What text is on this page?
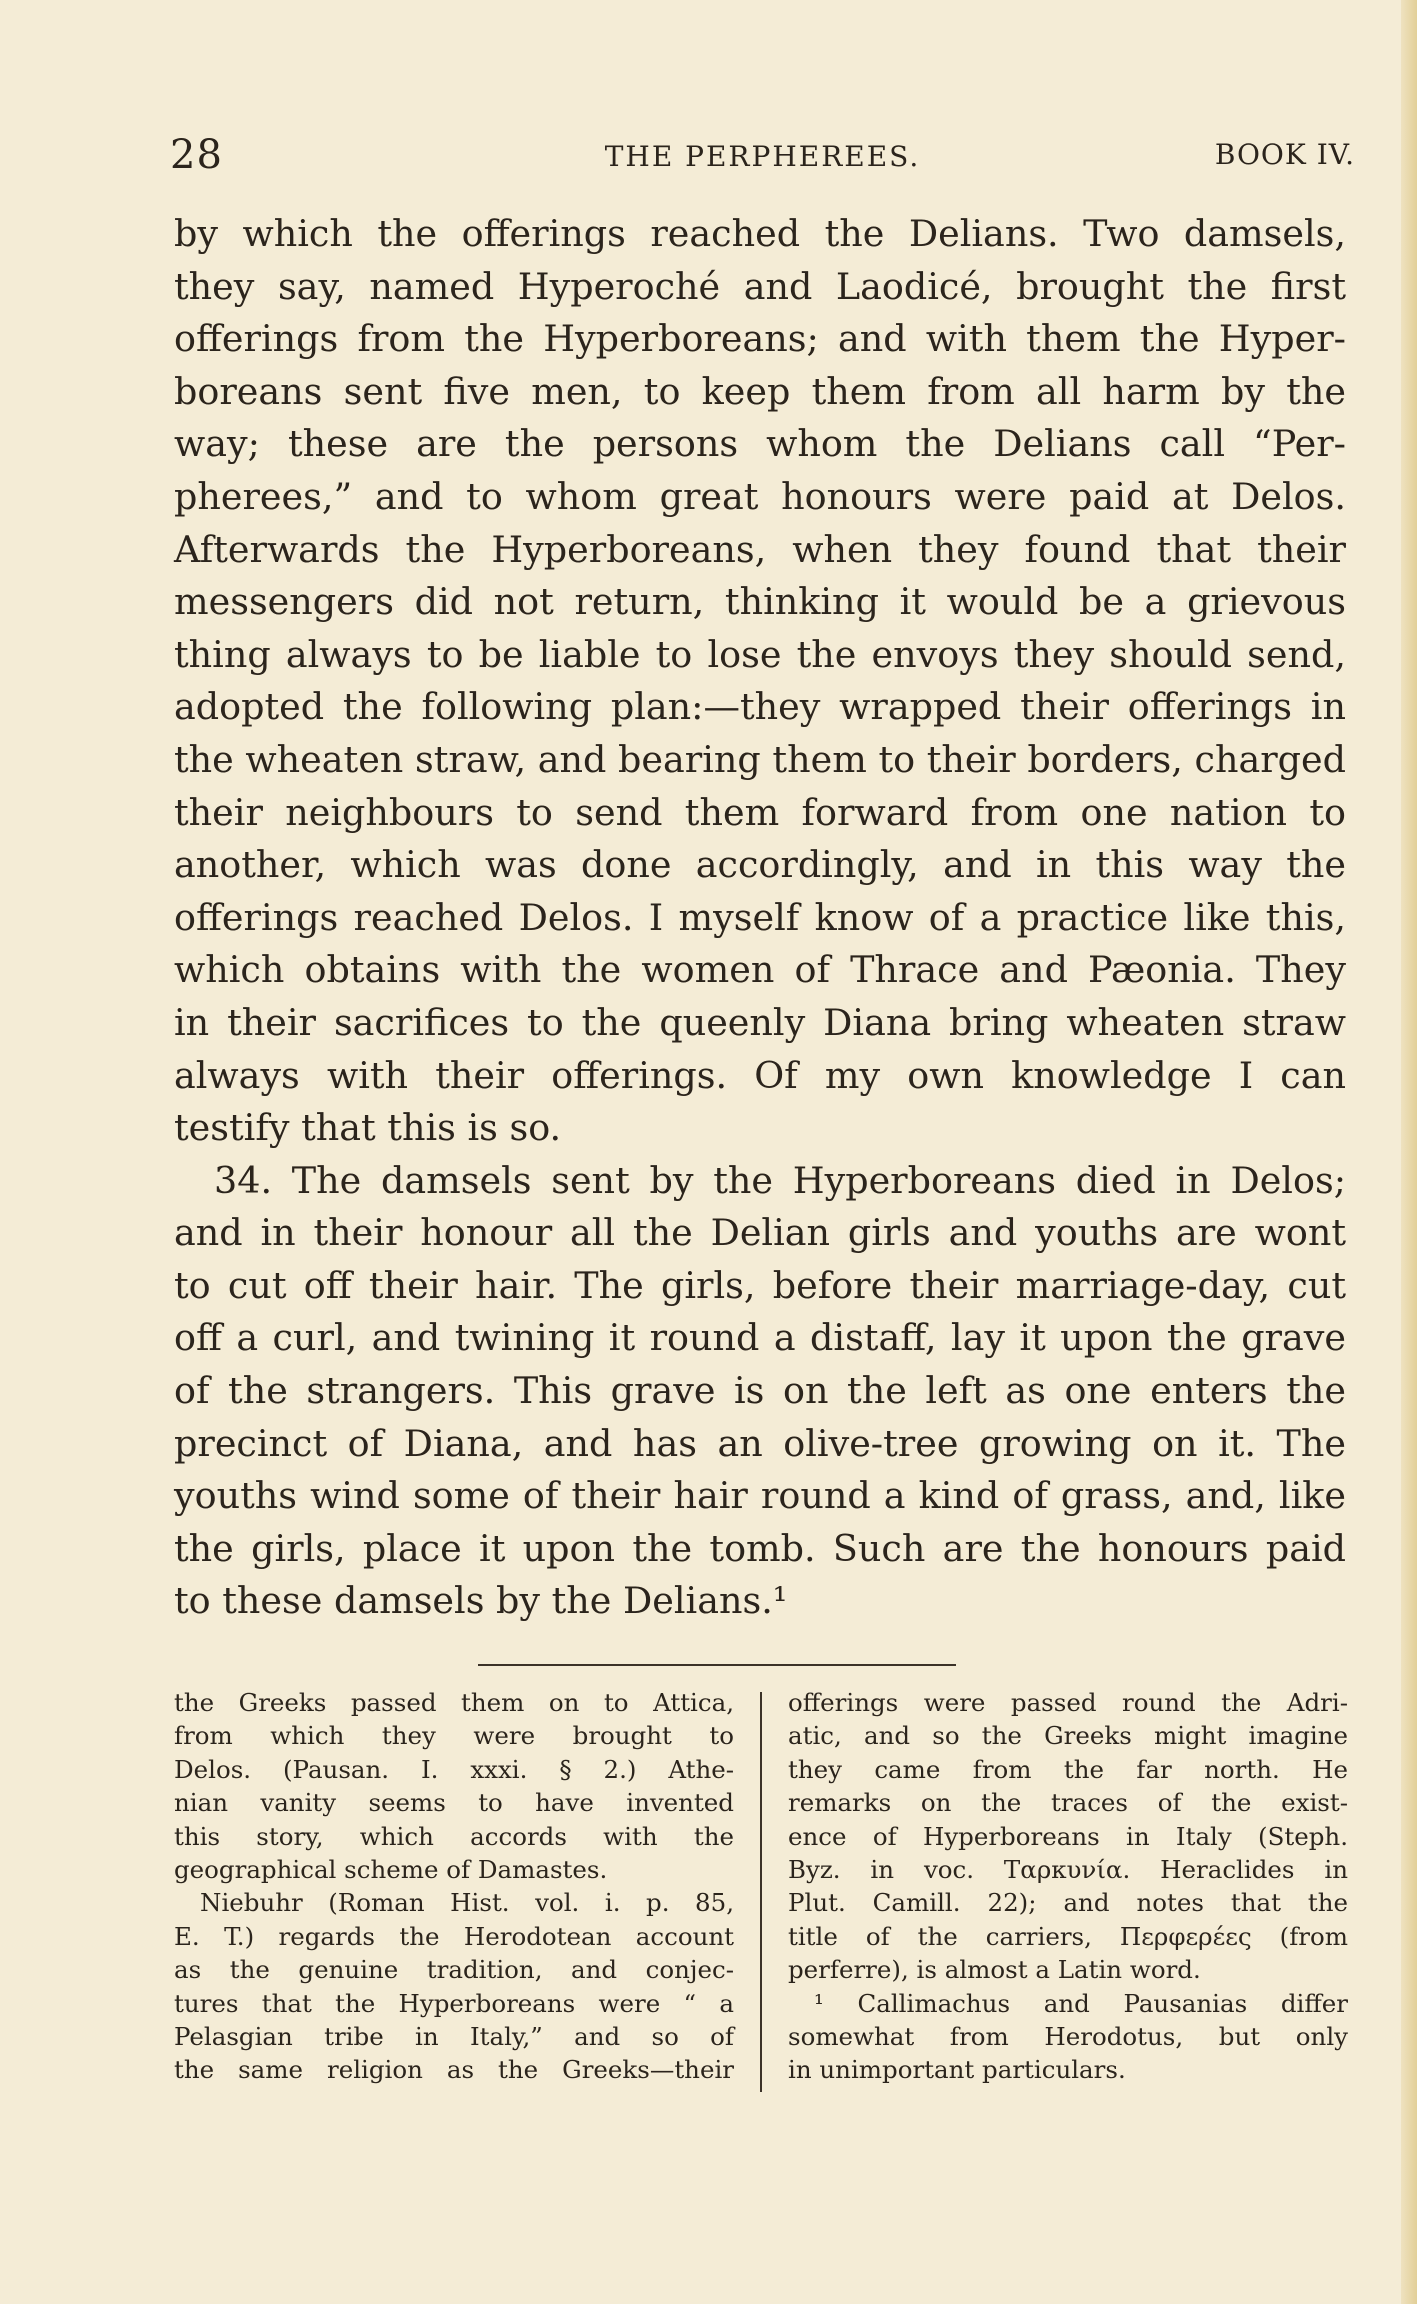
28	THE PERPHEREES.	BOOK IV.
by which the offerings reached the Delians. Two damsels,
they say, named Hyperoché and Laodicé, brought the first
offerings from the Hyperboreans; and with them the Hyper-
boreans sent five men, to keep them from all harm by the
way; these are the persons whom the Delians call “Per-
pherees,” and to whom great honours were paid at Delos.
Afterwards the Hyperboreans, when they found that their
messengers did not return, thinking it would be a grievous
thing always to be liable to lose the envoys they should send,
adopted the following plan:—they wrapped their offerings in
the wheaten straw, and bearing them to their borders, charged
their neighbours to send them forward from one nation to
another, which was done accordingly, and in this way the
offerings reached Delos. I myself know of a practice like this,
which obtains with the women of Thrace and Pæonia. They
in their sacrifices to the queenly Diana bring wheaten straw
always with their offerings. Of my own knowledge I can
testify that this is so.
34. The damsels sent by the Hyperboreans died in Delos;
and in their honour all the Delian girls and youths are wont
to cut off their hair. The girls, before their marriage-day, cut
off a curl, and twining it round a distaff, lay it upon the grave
of the strangers. This grave is on the left as one enters the
precinct of Diana, and has an olive-tree growing on it. The
youths wind some of their hair round a kind of grass, and, like
the girls, place it upon the tomb. Such are the honours paid
to these damsels by the Delians.¹
the Greeks passed them on to Attica,
from which they were brought to
Delos. (Pausan. I. xxxi. § 2.) Athe-
nian vanity seems to have invented
this story, which accords with the
geographical scheme of Damastes.
Niebuhr (Roman Hist. vol. i. p. 85,
E. T.) regards the Herodotean account
as the genuine tradition, and conjec-
tures that the Hyperboreans were “ a
Pelasgian tribe in Italy,” and so of
the same religion as the Greeks—their
offerings were passed round the Adri-
atic, and so the Greeks might imagine
they came from the far north. He
remarks on the traces of the exist-
ence of Hyperboreans in Italy (Steph.
Byz. in voc. Ταρκυνία. Heraclides in
Plut. Camill. 22); and notes that the
title of the carriers, Περφερέες (from
perferre), is almost a Latin word.
¹ Callimachus and Pausanias differ
somewhat from Herodotus, but only
in unimportant particulars.
